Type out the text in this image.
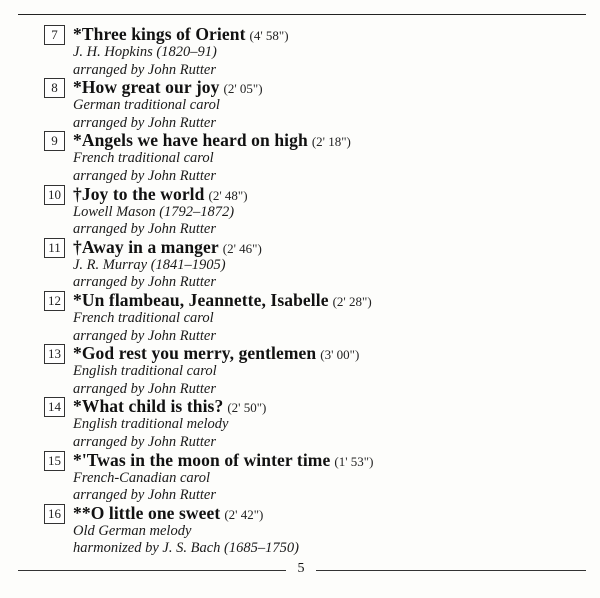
7 *Three kings of Orient (4' 58")
J. H. Hopkins (1820–91)
arranged by John Rutter
8 *How great our joy (2' 05")
German traditional carol
arranged by John Rutter
9 *Angels we have heard on high (2' 18")
French traditional carol
arranged by John Rutter
10 †Joy to the world (2' 48")
Lowell Mason (1792–1872)
arranged by John Rutter
11 †Away in a manger (2' 46")
J. R. Murray (1841–1905)
arranged by John Rutter
12 *Un flambeau, Jeannette, Isabelle (2' 28")
French traditional carol
arranged by John Rutter
13 *God rest you merry, gentlemen (3' 00")
English traditional carol
arranged by John Rutter
14 *What child is this? (2' 50")
English traditional melody
arranged by John Rutter
15 *'Twas in the moon of winter time (1' 53")
French-Canadian carol
arranged by John Rutter
16 **O little one sweet (2' 42")
Old German melody
harmonized by J. S. Bach (1685–1750)
5
